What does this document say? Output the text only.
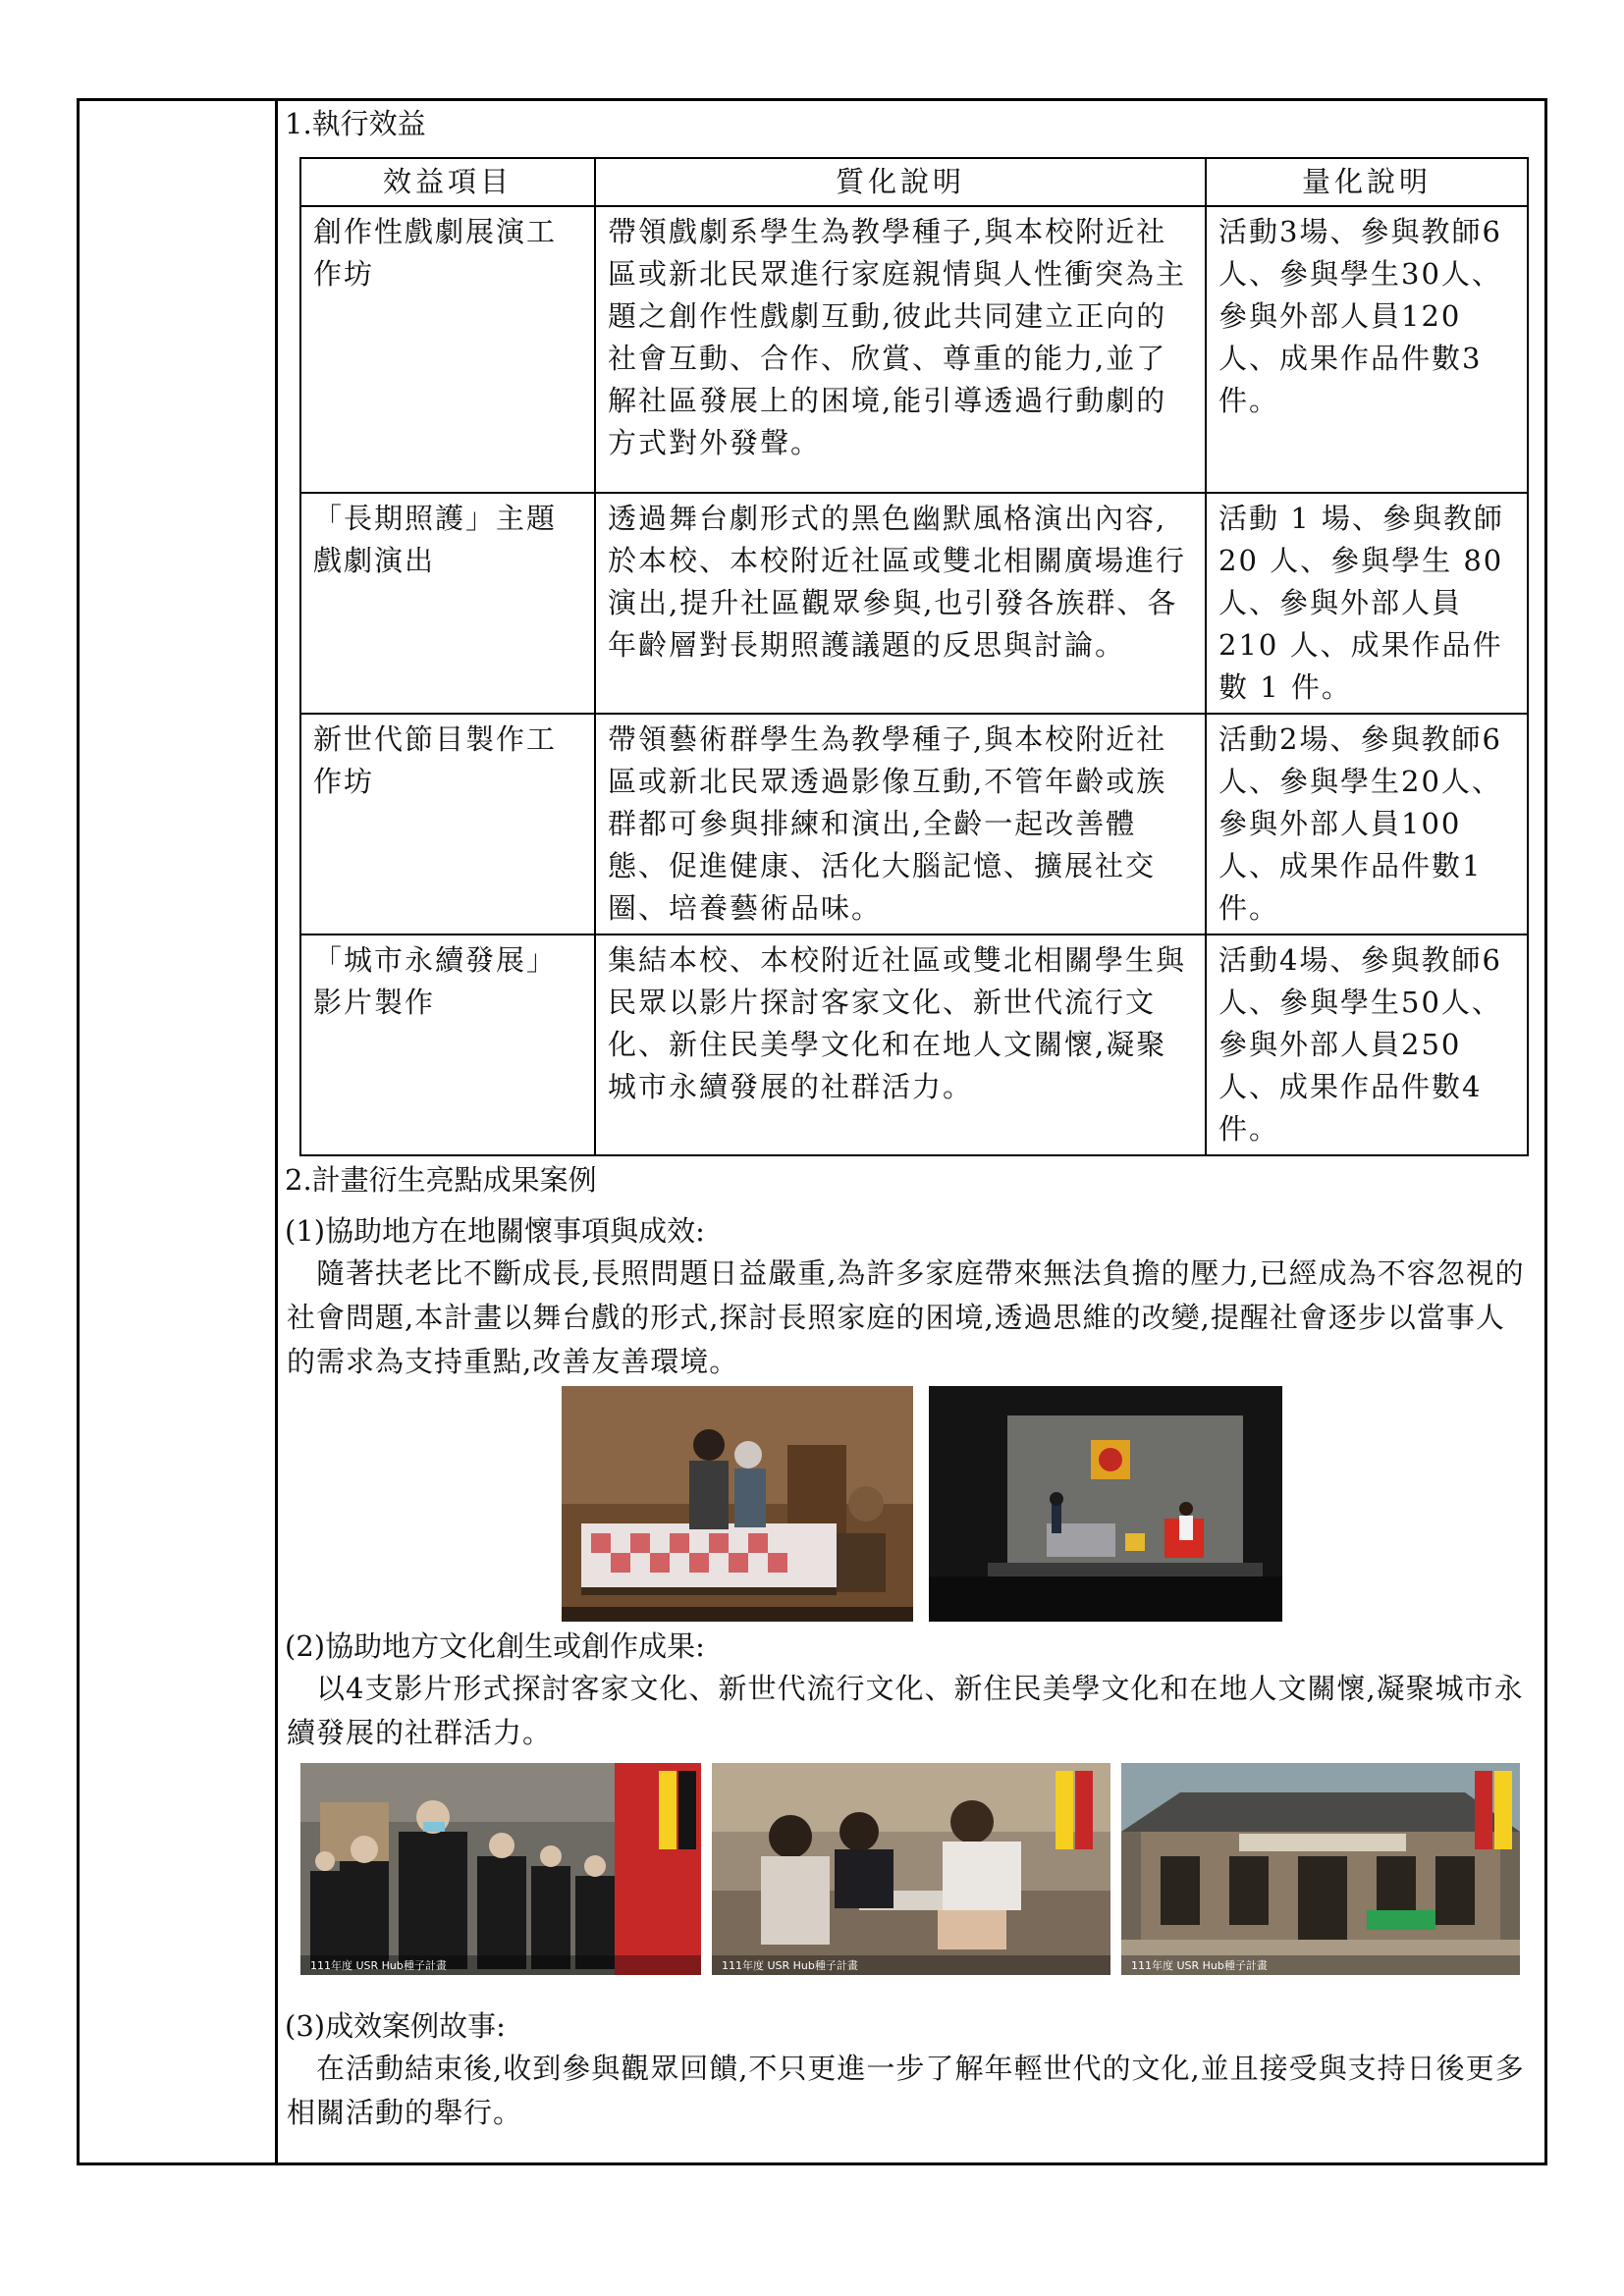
1.執行效益
效益項目	質化說明	量化說明
創作性戲劇展演工作坊	帶領戲劇系學生為教學種子,與本校附近社區或新北民眾進行家庭親情與人性衝突為主題之創作性戲劇互動,彼此共同建立正向的社會互動、合作、欣賞、尊重的能力,並了解社區發展上的困境,能引導透過行動劇的方式對外發聲。	活動3場、參與教師6人、參與學生30人、參與外部人員120人、成果作品件數3件。
「長期照護」主題戲劇演出	透過舞台劇形式的黑色幽默風格演出內容,於本校、本校附近社區或雙北相關廣場進行演出,提升社區觀眾參與,也引發各族群、各年齡層對長期照護議題的反思與討論。	活動 1 場、參與教師 20 人、參與學生 80 人、參與外部人員 210 人、成果作品件數 1 件。
新世代節目製作工作坊	帶領藝術群學生為教學種子,與本校附近社區或新北民眾透過影像互動,不管年齡或族群都可參與排練和演出,全齡一起改善體態、促進健康、活化大腦記憶、擴展社交圈、培養藝術品味。	活動2場、參與教師6人、參與學生20人、參與外部人員100人、成果作品件數1件。
「城市永續發展」影片製作	集結本校、本校附近社區或雙北相關學生與民眾以影片探討客家文化、新世代流行文化、新住民美學文化和在地人文關懷,凝聚城市永續發展的社群活力。	活動4場、參與教師6人、參與學生50人、參與外部人員250人、成果作品件數4件。
2.計畫衍生亮點成果案例
(1)協助地方在地關懷事項與成效:
隨著扶老比不斷成長,長照問題日益嚴重,為許多家庭帶來無法負擔的壓力,已經成為不容忽視的社會問題,本計畫以舞台戲的形式,探討長照家庭的困境,透過思維的改變,提醒社會逐步以當事人的需求為支持重點,改善友善環境。
(2)協助地方文化創生或創作成果:
以4支影片形式探討客家文化、新世代流行文化、新住民美學文化和在地人文關懷,凝聚城市永續發展的社群活力。
111年度 USR Hub種子計畫	111年度 USR Hub種子計畫	111年度 USR Hub種子計畫
(3)成效案例故事:
在活動結束後,收到參與觀眾回饋,不只更進一步了解年輕世代的文化,並且接受與支持日後更多相關活動的舉行。
